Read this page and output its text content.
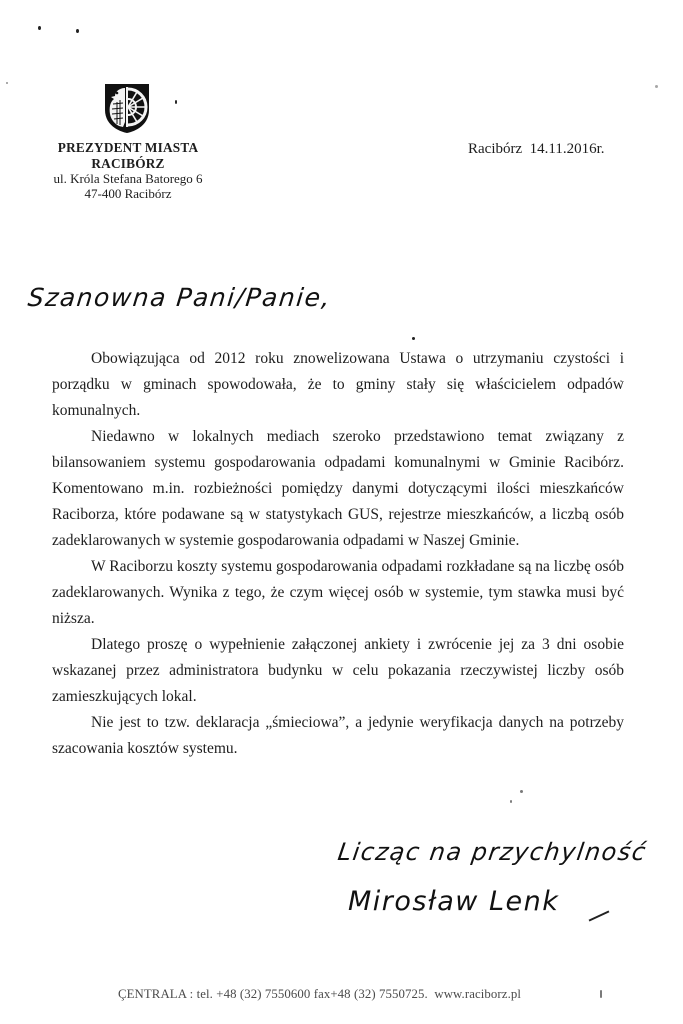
PREZYDENT MIASTA
RACIBÓRZ
ul. Króla Stefana Batorego 6
47-400 Racibórz
Racibórz  14.11.2016r.
Szanowna Pani/Panie,

Obowiązująca od 2012 roku znowelizowana Ustawa o utrzymaniu czystości i porządku w gminach spowodowała, że to gminy stały się właścicielem odpadów komunalnych.

Niedawno w lokalnych mediach szeroko przedstawiono temat związany z bilansowaniem systemu gospodarowania odpadami komunalnymi w Gminie Racibórz. Komentowano m.in. rozbieżności pomiędzy danymi dotyczącymi ilości mieszkańców Raciborza, które podawane są w statystykach GUS, rejestrze mieszkańców, a liczbą osób zadeklarowanych w systemie gospodarowania odpadami w Naszej Gminie.

W Raciborzu koszty systemu gospodarowania odpadami rozkładane są na liczbę osób zadeklarowanych. Wynika z tego, że czym więcej osób w systemie, tym stawka musi być niższa.

Dlatego proszę o wypełnienie załączonej ankiety i zwrócenie jej za 3 dni osobie wskazanej przez administratora budynku w celu pokazania rzeczywistej liczby osób zamieszkujących lokal.

Nie jest to tzw. deklaracja „śmieciowa”, a jedynie weryfikacja danych na potrzeby szacowania kosztów systemu.

Licząc na przychylność
Mirosław Lenk
ÇENTRALA : tel. +48 (32) 7550600 fax+48 (32) 7550725.  www.raciborz.pl
